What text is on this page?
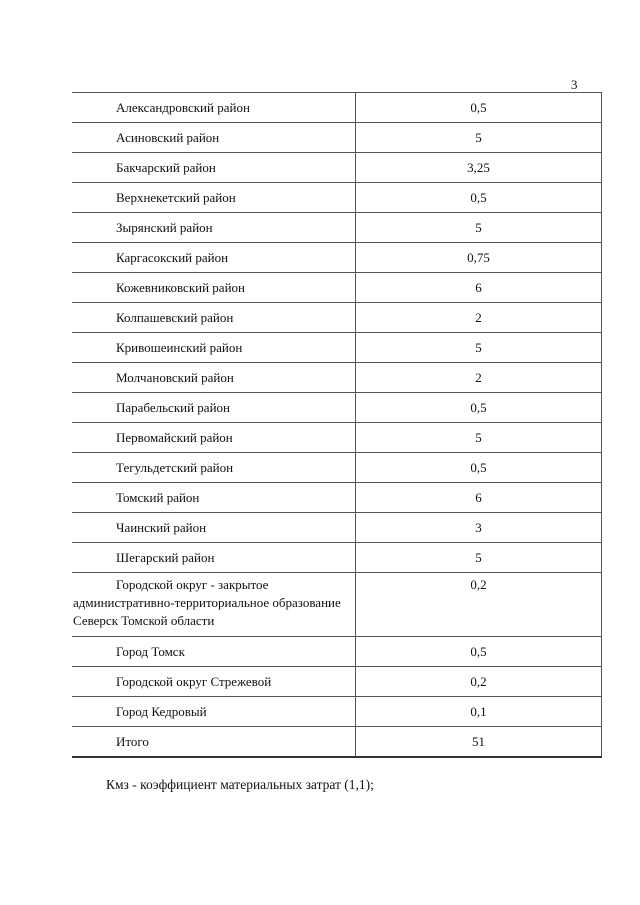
3
Александровский район	0,5

Асиновский район	5

Бакчарский район	3,25

Верхнекетский район	0,5

Зырянский район	5

Каргасокский район	0,75

Кожевниковский район	6

Колпашевский район	2

Кривошеинский район	5

Молчановский район	2

Парабельский район	0,5

Первомайский район	5

Тегульдетский район	0,5

Томский район	6

Чаинский район	3

Шегарский район	5

Городской округ - закрытое административно-территориальное образование Северск Томской области	0,2

Город Томск	0,5

Городской округ Стрежевой	0,2

Город Кедровый	0,1

Итого	51
Кмз - коэффициент материальных затрат (1,1);
